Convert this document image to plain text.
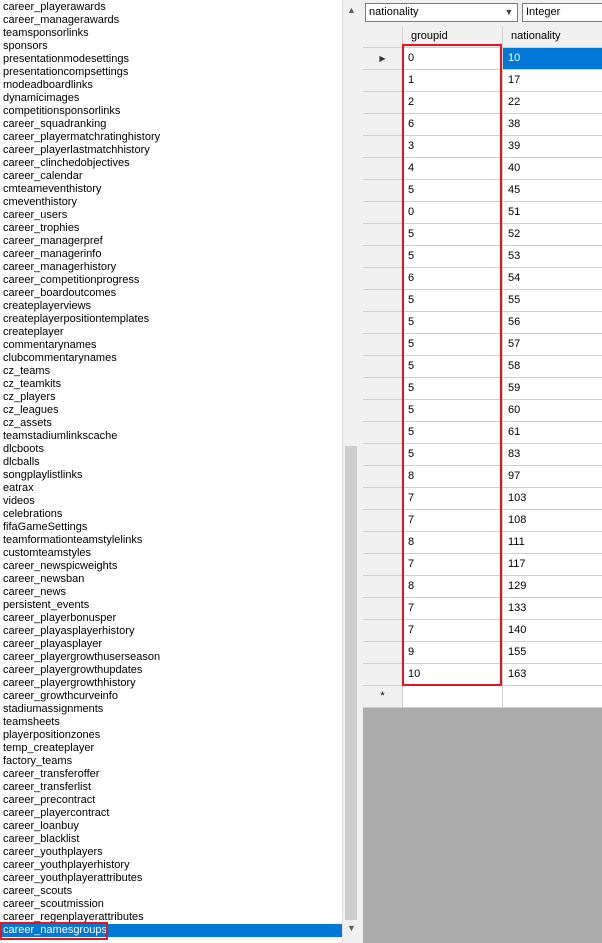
career_playerawards
career_managerawards
teamsponsorlinks
sponsors
presentationmodesettings
presentationcompsettings
modeadboardlinks
dynamicimages
competitionsponsorlinks
career_squadranking
career_playermatchratinghistory
career_playerlastmatchhistory
career_clinchedobjectives
career_calendar
cmteameventhistory
cmeventhistory
career_users
career_trophies
career_managerpref
career_managerinfo
career_managerhistory
career_competitionprogress
career_boardoutcomes
createplayerviews
createplayerpositiontemplates
createplayer
commentarynames
clubcommentarynames
cz_teams
cz_teamkits
cz_players
cz_leagues
cz_assets
teamstadiumlinkscache
dlcboots
dlcballs
songplaylistlinks
eatrax
videos
celebrations
fifaGameSettings
teamformationteamstylelinks
customteamstyles
career_newspicweights
career_newsban
career_news
persistent_events
career_playerbonusper
career_playasplayerhistory
career_playasplayer
career_playergrowthuserseason
career_playergrowthupdates
career_playergrowthhistory
career_growthcurveinfo
stadiumassignments
teamsheets
playerpositionzones
temp_createplayer
factory_teams
career_transferoffer
career_transferlist
career_precontract
career_playercontract
career_loanbuy
career_blacklist
career_youthplayers
career_youthplayerhistory
career_youthplayerattributes
career_scouts
career_scoutmission
career_regenplayerattributes
career_namesgroups
▲
▼
nationality	▼	Integer
groupid	nationality
▶	0	10
1	17
2	22
6	38
3	39
4	40
5	45
0	51
5	52
5	53
6	54
5	55
5	56
5	57
5	58
5	59
5	60
5	61
5	83
8	97
7	103
7	108
8	111
7	117
8	129
7	133
7	140
9	155
10	163
*
